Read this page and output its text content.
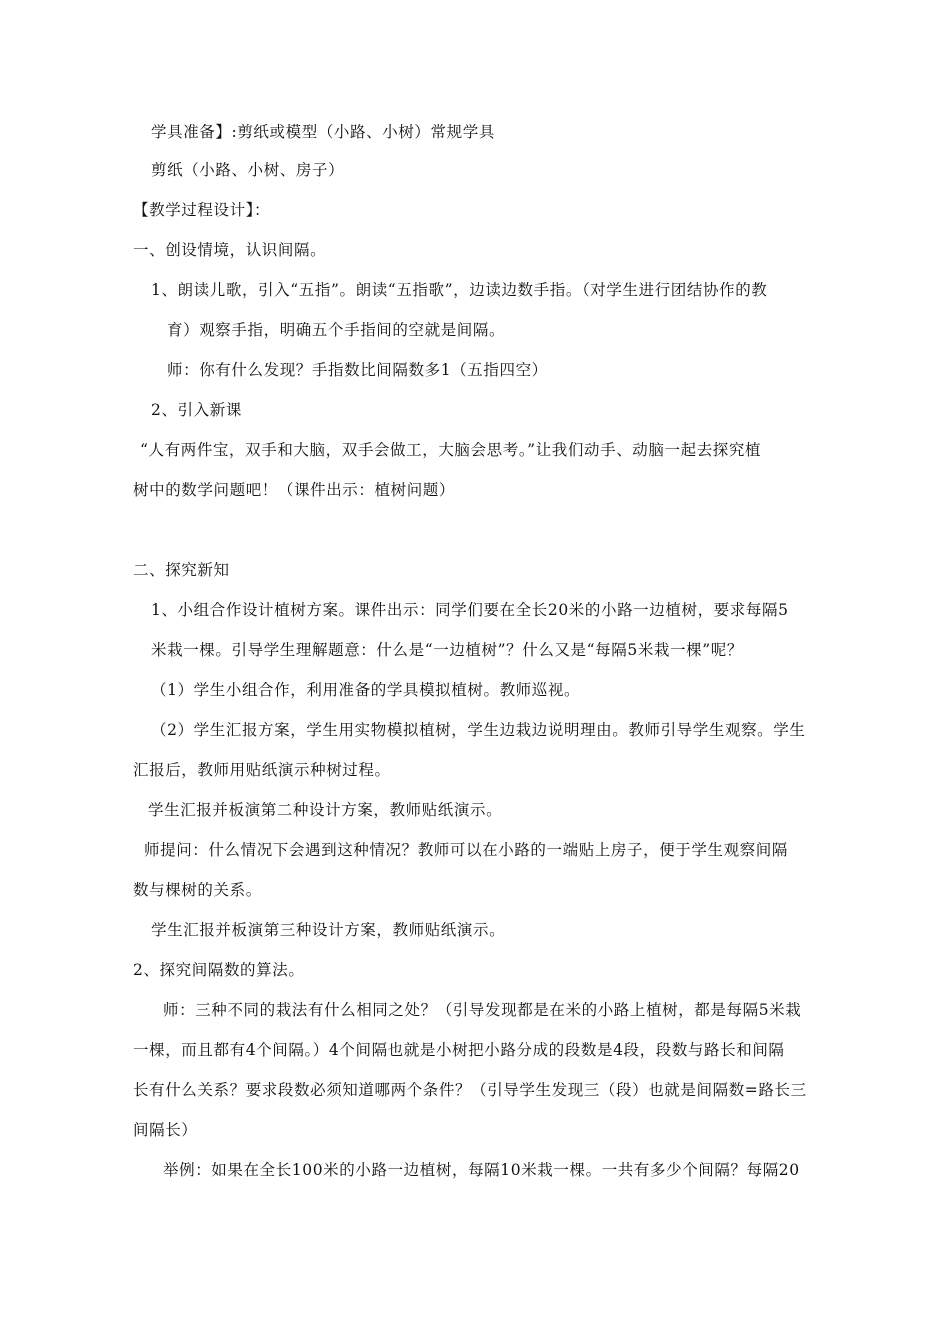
学具准备】:剪纸或模型（小路、小树）常规学具
剪纸（小路、小树、房子）
【教学过程设计】：
一、创设情境，认识间隔。
1、朗读儿歌，引入“五指”。朗读“五指歌”，边读边数手指。（对学生进行团结协作的教
育）观察手指，明确五个手指间的空就是间隔。
师：你有什么发现？手指数比间隔数多1（五指四空）
2、引入新课
“人有两件宝，双手和大脑，双手会做工，大脑会思考。”让我们动手、动脑一起去探究植
树中的数学问题吧！（课件出示：植树问题）
二、探究新知
1、小组合作设计植树方案。课件出示：同学们要在全长20米的小路一边植树，要求每隔5
米栽一棵。引导学生理解题意：什么是“一边植树”？什么又是“每隔5米栽一棵”呢？
（1）学生小组合作，利用准备的学具模拟植树。教师巡视。
（2）学生汇报方案，学生用实物模拟植树，学生边栽边说明理由。教师引导学生观察。学生
汇报后，教师用贴纸演示种树过程。
学生汇报并板演第二种设计方案，教师贴纸演示。
师提问：什么情况下会遇到这种情况？教师可以在小路的一端贴上房子，便于学生观察间隔
数与棵树的关系。
学生汇报并板演第三种设计方案，教师贴纸演示。
2、探究间隔数的算法。
师：三种不同的栽法有什么相同之处？（引导发现都是在米的小路上植树，都是每隔5米栽
一棵，而且都有4个间隔。）4个间隔也就是小树把小路分成的段数是4段，段数与路长和间隔
长有什么关系？要求段数必须知道哪两个条件？（引导学生发现三（段）也就是间隔数=路长三
间隔长）
举例：如果在全长100米的小路一边植树，每隔10米栽一棵。一共有多少个间隔？每隔20
